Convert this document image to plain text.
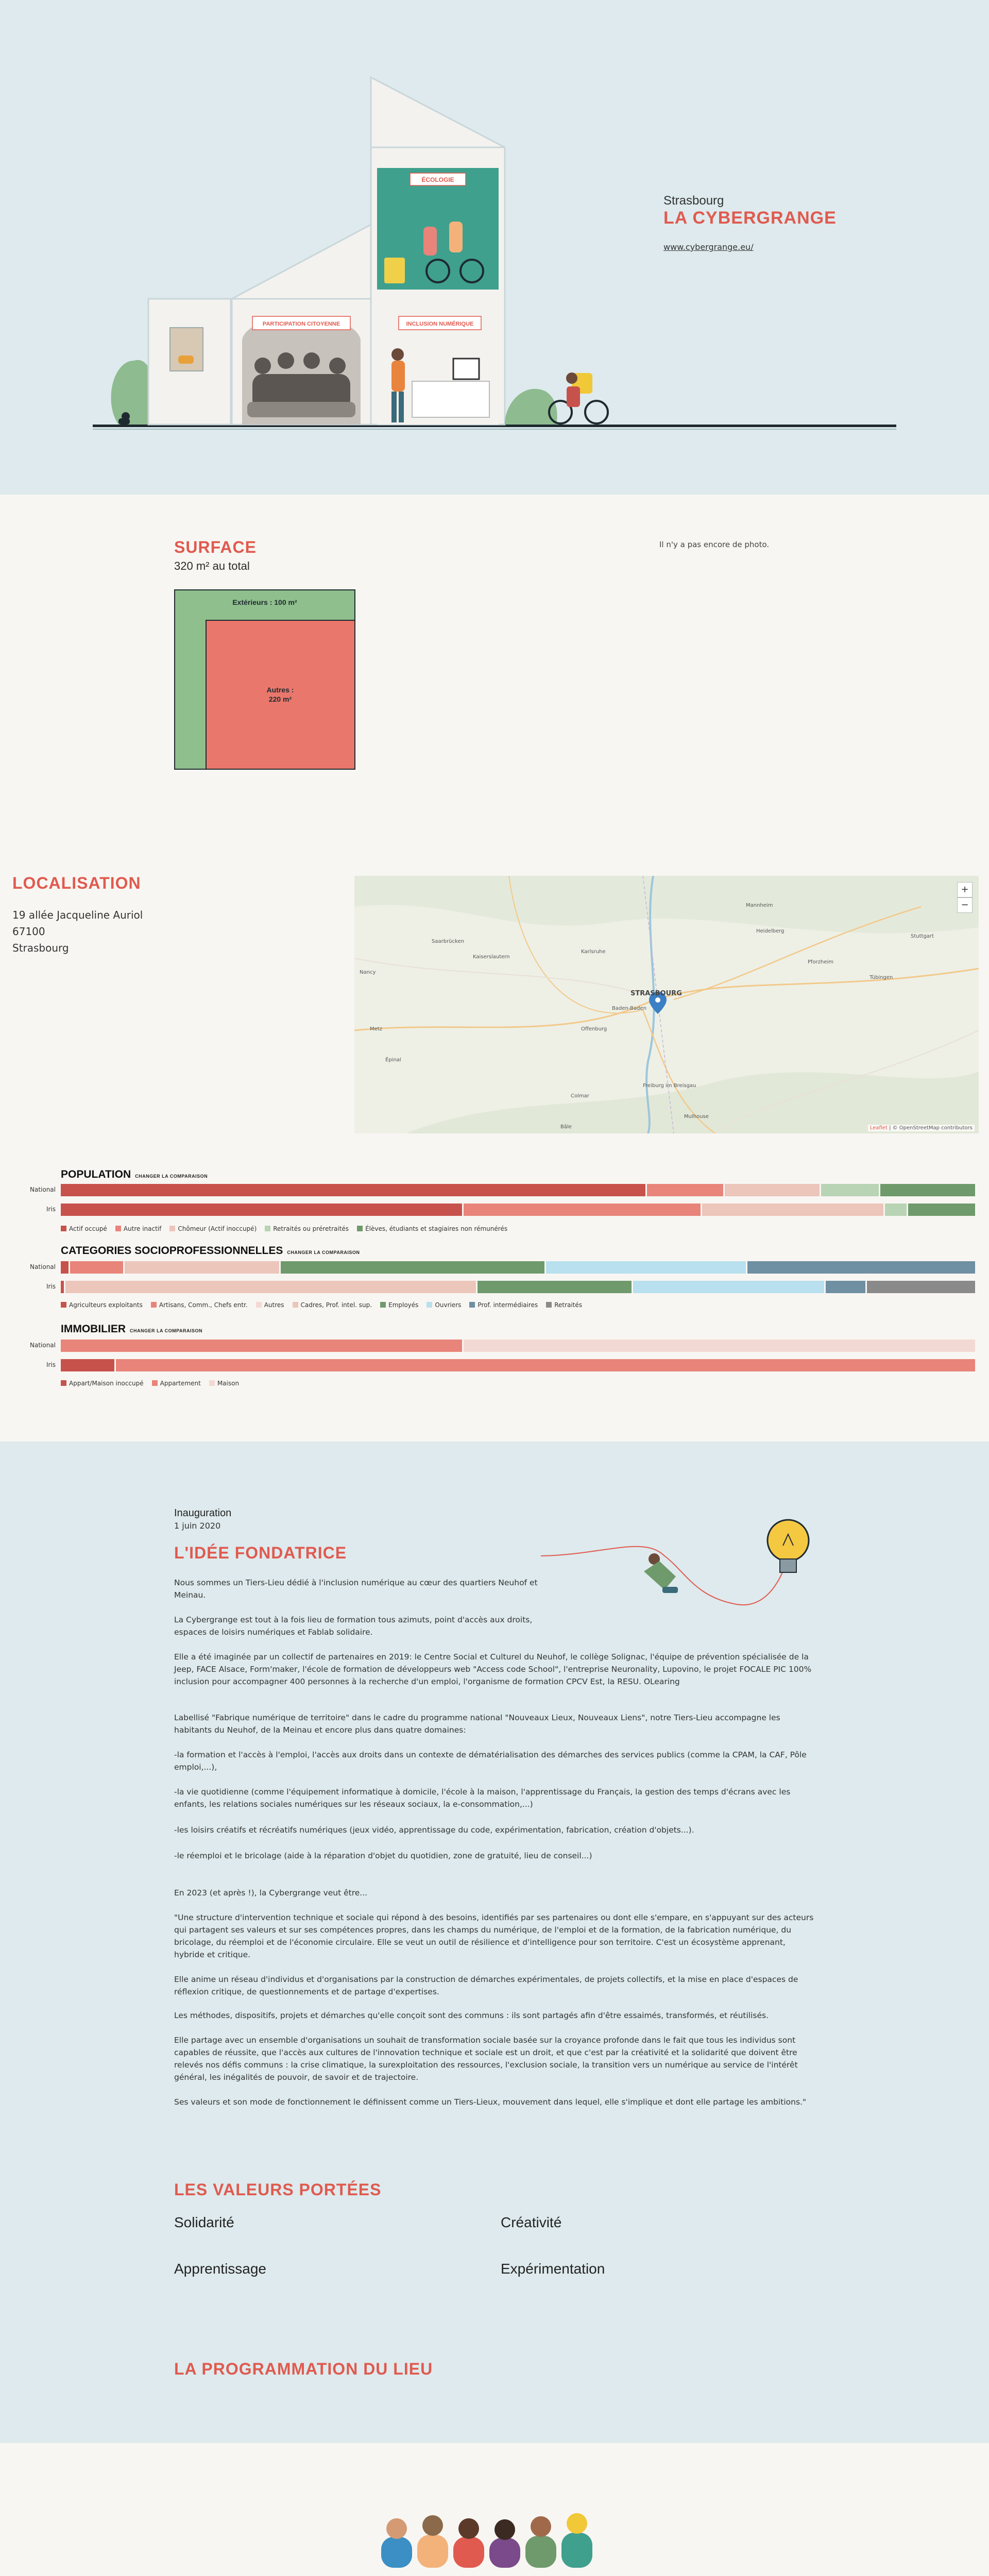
PARTICIPATION CITOYENNE
ÉCOLOGIE
INCLUSION NUMÉRIQUE
Strasbourg
LA CYBERGRANGE
www.cybergrange.eu/
SURFACE
320 m² au total
Extérieurs : 100 m²
Autres :
220 m²
Il n'y a pas encore de photo.
LOCALISATION
19 allée Jacqueline Auriol
67100
Strasbourg
Mannheim
Heidelberg
Karlsruhe
Stuttgart
Pforzheim
Baden-Baden
Offenburg
Freiburg im Breisgau
Mulhouse
Colmar
Nancy
Metz
Saarbrücken
Kaiserslautern
Tübingen
Épinal
Bâle
STRASBOURG
+
−
Leaflet | © OpenStreetMap contributors
POPULATION CHANGER LA COMPARAISON
National
Iris
Actif occupé	Autre inactif	Chômeur (Actif inoccupé)	Retraités ou préretraités	Élèves, étudiants et stagiaires non rémunérés
CATEGORIES SOCIOPROFESSIONNELLES CHANGER LA COMPARAISON
National
Iris
Agriculteurs exploitants	Artisans, Comm., Chefs entr.	Autres	Cadres, Prof. intel. sup.	Employés	Ouvriers	Prof. intermédiaires	Retraités
IMMOBILIER CHANGER LA COMPARAISON
National
Iris
Appart/Maison inoccupé	Appartement	Maison
Inauguration
1 juin 2020
L'IDÉE FONDATRICE
Nous sommes un Tiers-Lieu dédié à l'inclusion numérique au cœur des quartiers Neuhof et Meinau.
La Cybergrange est tout à la fois lieu de formation tous azimuts, point d'accès aux droits, espaces de loisirs numériques et Fablab solidaire.
Elle a été imaginée par un collectif de partenaires en 2019: le Centre Social et Culturel du Neuhof, le collège Solignac, l'équipe de prévention spécialisée de la Jeep, FACE Alsace, Form'maker, l'école de formation de développeurs web "Access code School", l'entreprise Neuronality, Lupovino, le projet FOCALE PIC 100% inclusion pour accompagner 400 personnes à la recherche d'un emploi, l'organisme de formation CPCV Est, la RESU. OLearing
Labellisé "Fabrique numérique de territoire" dans le cadre du programme national "Nouveaux Lieux, Nouveaux Liens", notre Tiers-Lieu accompagne les habitants du Neuhof, de la Meinau et encore plus dans quatre domaines:
-la formation et l'accès à l'emploi, l'accès aux droits dans un contexte de dématérialisation des démarches des services publics (comme la CPAM, la CAF, Pôle emploi,...),
-la vie quotidienne (comme l'équipement informatique à domicile, l'école à la maison, l'apprentissage du Français, la gestion des temps d'écrans avec les enfants, les relations sociales numériques sur les réseaux sociaux, la e-consommation,...)
-les loisirs créatifs et récréatifs numériques (jeux vidéo, apprentissage du code, expérimentation, fabrication, création d'objets...).
-le réemploi et le bricolage (aide à la réparation d'objet du quotidien, zone de gratuité, lieu de conseil...)
En 2023 (et après !), la Cybergrange veut être...
"Une structure d'intervention technique et sociale qui répond à des besoins, identifiés par ses partenaires ou dont elle s'empare, en s'appuyant sur des acteurs qui partagent ses valeurs et sur ses compétences propres, dans les champs du numérique, de l'emploi et de la formation, de la fabrication numérique, du bricolage, du réemploi et de l'économie circulaire. Elle se veut un outil de résilience et d'intelligence pour son territoire. C'est un écosystème apprenant, hybride et critique.
Elle anime un réseau d'individus et d'organisations par la construction de démarches expérimentales, de projets collectifs, et la mise en place d'espaces de réflexion critique, de questionnements et de partage d'expertises.
Les méthodes, dispositifs, projets et démarches qu'elle conçoit sont des communs : ils sont partagés afin d'être essaimés, transformés, et réutilisés.
Elle partage avec un ensemble d'organisations un souhait de transformation sociale basée sur la croyance profonde dans le fait que tous les individus sont capables de réussite, que l'accès aux cultures de l'innovation technique et sociale est un droit, et que c'est par la créativité et la solidarité que doivent être relevés nos défis communs : la crise climatique, la surexploitation des ressources, l'exclusion sociale, la transition vers un numérique au service de l'intérêt général, les inégalités de pouvoir, de savoir et de trajectoire.
Ses valeurs et son mode de fonctionnement le définissent comme un Tiers-Lieux, mouvement dans lequel, elle s'implique et dont elle partage les ambitions."
LES VALEURS PORTÉES
Solidarité	Créativité
Apprentissage	Expérimentation
LA PROGRAMMATION DU LIEU
